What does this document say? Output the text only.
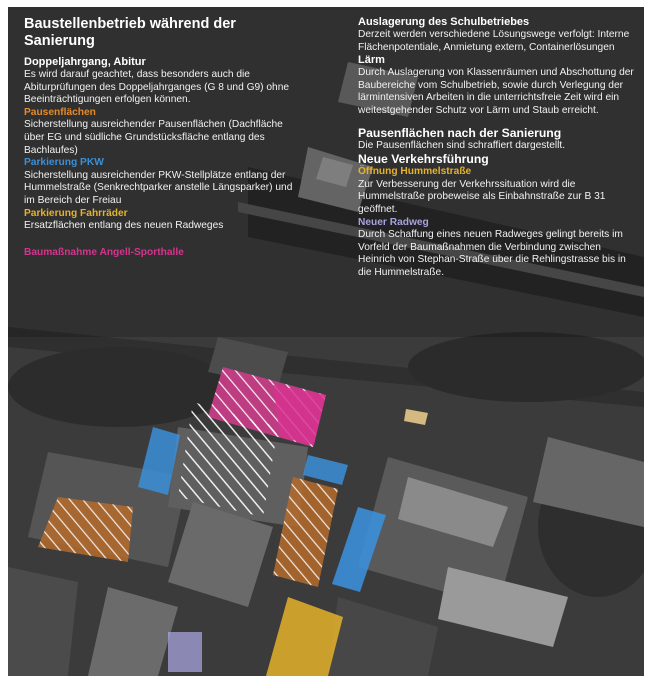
Baustellenbetrieb während der Sanierung

Doppeljahrgang, Abitur

Es wird darauf geachtet, dass besonders auch die Abiturprüfungen des Doppeljahrganges (G 8 und G9) ohne Beeinträchtigungen erfolgen können.

Pausenflächen

Sicherstellung ausreichender Pausenflächen (Dachfläche über EG und südliche Grundstücksfläche entlang des Bachlaufes)

Parkierung PKW

Sicherstellung ausreichender PKW-Stellplätze entlang der Hummelstraße (Senkrechtparker anstelle Längsparker) und im Bereich der Freiau

Parkierung Fahrräder

Ersatzflächen entlang des neuen Radweges

Baumaßnahme Angell-Sporthalle

Auslagerung des Schulbetriebes

Derzeit werden verschiedene Lösungswege verfolgt: Interne Flächenpotentiale, Anmietung extern, Containerlösungen

Lärm

Durch Auslagerung von Klassenräumen und Abschottung der Baubereiche vom Schulbetrieb, sowie durch Verlegung der lärmintensiven Arbeiten in die unterrichtsfreie Zeit wird ein weitestgehender Schutz vor Lärm und Staub erreicht.

Pausenflächen nach der Sanierung

Die Pausenflächen sind schraffiert dargestellt.

Neue Verkehrsführung

Öffnung Hummelstraße

Zur Verbesserung der Verkehrssituation wird die Hummelstraße probeweise als Einbahnstraße zur B 31 geöffnet.

Neuer Radweg

Durch Schaffung eines neuen Radweges gelingt bereits im Vorfeld der Baumaßnahmen die Verbindung zwischen Heinrich von Stephan-Straße über die Rehlingstrasse bis in die Hummelstraße.
